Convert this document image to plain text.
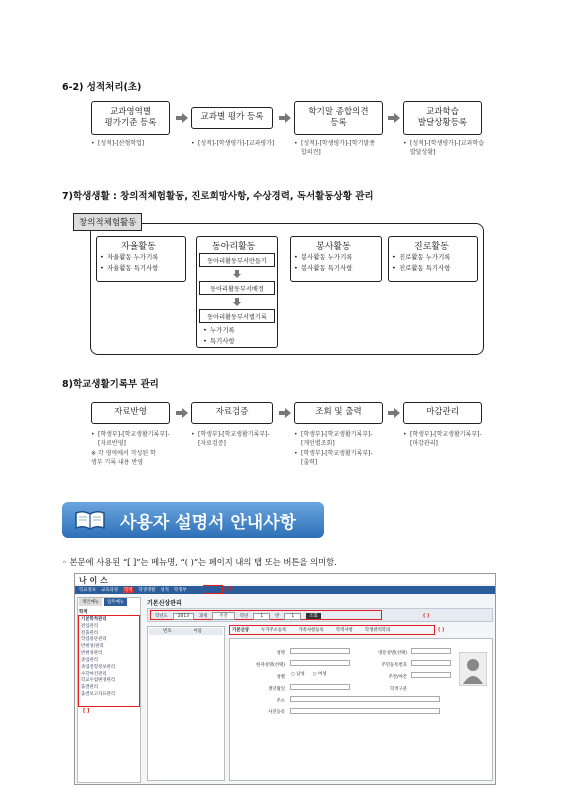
6-2) 성적처리(초)
교과영역별
평가기준 등록
교과별 평가 등록
학기말 종합의견
등록
교과학습
발달상황등록
• [성적]-[산형학업]	• [성적]-[학생평가]-[교과평가]	• [성적]-[학생평가]-[학기말종
합의견]
• [성적]-[학생평가]-[교과학습
발달상황]
7)학생생활 : 창의적체험활동, 진로희망사항, 수상경력, 독서활동상황 관리
창의적체험활동
자율활동
• 자율활동 누가기록
• 자율활동 특기사항
동아리활동
동아리활동부서만들기
동아리활동부서배정
동아리활동부서별기록
• 누가기록
• 특기사항
봉사활동
• 봉사활동 누가기록
• 봉사활동 특기사항
진로활동
• 진로활동 누가기록
• 진로활동 특기사항
8)학교생활기록부 관리
자료반영	자료검증	조회 및 출력	마감관리
• [학생부]-[학교생활기록부]-
[자료반영]

※ 각 영역에서 작성된 학
생부 기록 내용 반영

• [학생부]-[학교생활기록부]-
[자료검증]
• [학생부]-[학교생활기록부]-
[개인별조회]
• [학생부]-[학교생활기록부]-
[출력]
• [학생부]-[학교생활기록부]-
[마감관리]
사용자 설명서 안내사항
◦ 본문에 사용된 “[ ]”는 메뉴명, “( )”는 페이지 내의 탭 또는 버튼을 의미함.
나 이 스
학교정보 교육과정 학적 학생생활 성적 학생부	[ ]
개인메뉴	업무메뉴
학적
기본학적관리
전입관리
전출관리
학업중단관리
반편성/관리
반편성관리
졸업관리
졸업전형정보관리
수학여건관리
학교수업변경관리
출결관리
출결보고자료관리
[ ]
기본신상관리
학년도	2013	과정	주간	학년	1	반	1	조회	( )
번호	이름	기본신상	누가주소등록	가족사항등록	학적사항	학생관리학의	( )
성명
한자성명(선택)
성별
생년월일
주소
사진등록
○ 남성 ○ 여성
영문성명(선택)
주민등록번호
주간/야간
학적구분
